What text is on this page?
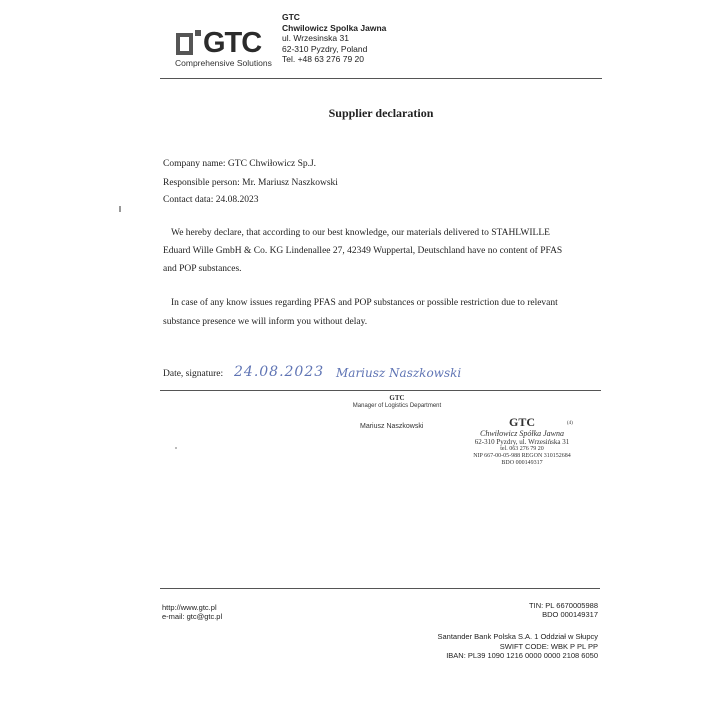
GTC
Comprehensive Solutions
GTC
Chwilowicz Spolka Jawna
ul. Wrzesinska 31
62-310 Pyzdry, Poland
Tel. +48 63 276 79 20
Supplier declaration
Company name: GTC Chwiłowicz Sp.J.
Responsible person: Mr. Mariusz Naszkowski
Contact data: 24.08.2023
We hereby declare, that according to our best knowledge, our materials delivered to STAHLWILLE
Eduard Wille GmbH & Co. KG Lindenallee 27, 42349 Wuppertal, Deutschland have no content of PFAS
and POP substances.
In case of any know issues regarding PFAS and POP substances or possible restriction due to relevant
substance presence we will inform you without delay.
Date, signature: 24.08.2023 Mariusz Naszkowski
GTC
Manager of Logistics Department
Mariusz Naszkowski	GTC
Chwiłowicz Spółka Jawna
62-310 Pyzdry, ul. Wrzesińska 31
tel. 063 276 79 20
NIP 667-00-05-988 REGON 310152684
BDO 000149317
(4)
http://www.gtc.pl
e-mail: gtc@gtc.pl
TIN: PL 6670005988
BDO 000149317
Santander Bank Polska S.A. 1 Oddział w Słupcy
SWIFT CODE: WBK P PL PP
IBAN: PL39 1090 1216 0000 0000 2108 6050
